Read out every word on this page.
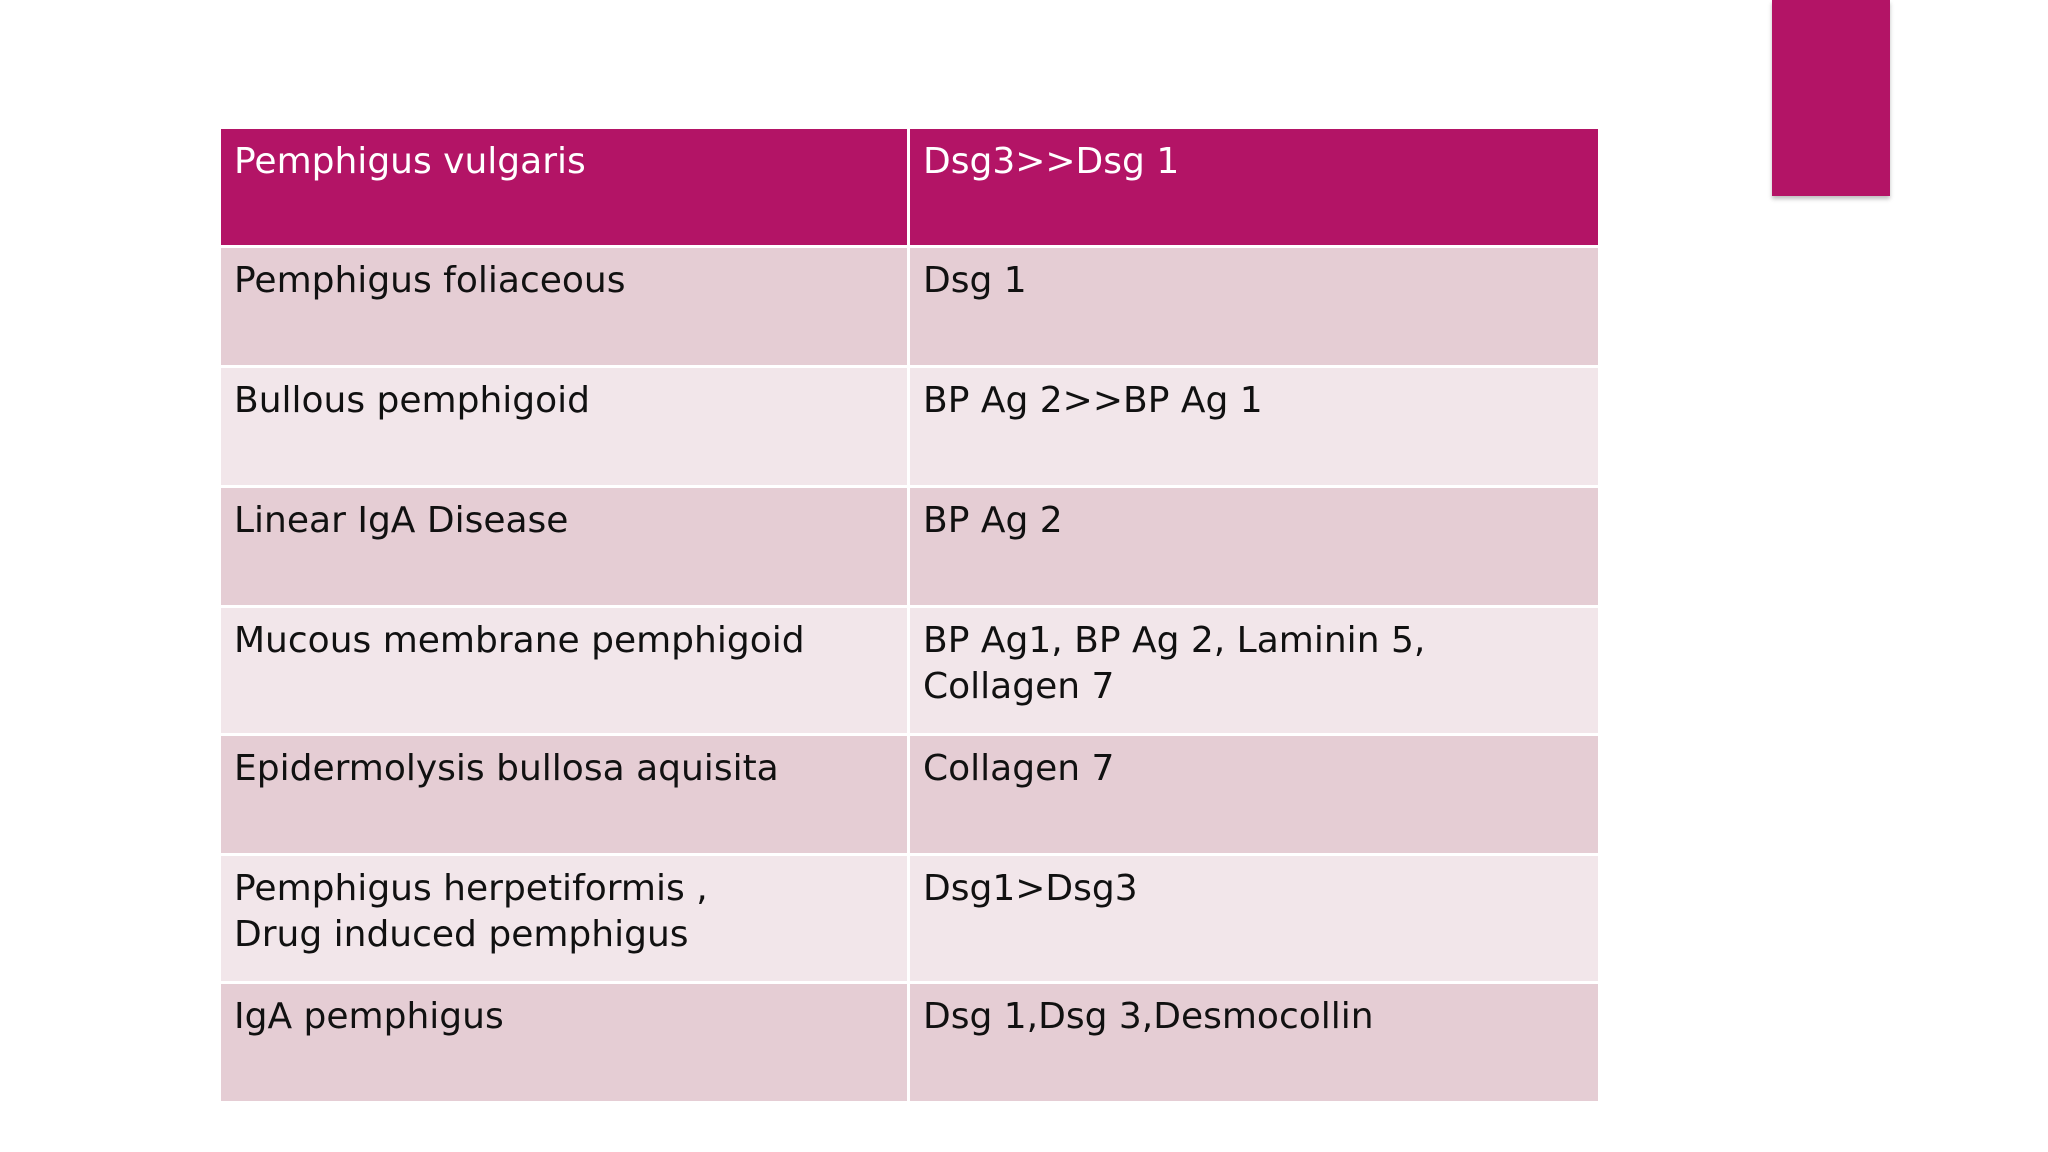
Pemphigus vulgaris	Dsg3>>Dsg 1
Pemphigus foliaceous	Dsg 1
Bullous pemphigoid	BP Ag 2>>BP Ag 1
Linear IgA Disease	BP Ag 2
Mucous membrane pemphigoid	BP Ag1, BP Ag 2, Laminin 5,
Collagen 7
Epidermolysis bullosa aquisita	Collagen 7
Pemphigus herpetiformis ,
Drug induced pemphigus	Dsg1>Dsg3
IgA pemphigus	Dsg 1,Dsg 3,Desmocollin
